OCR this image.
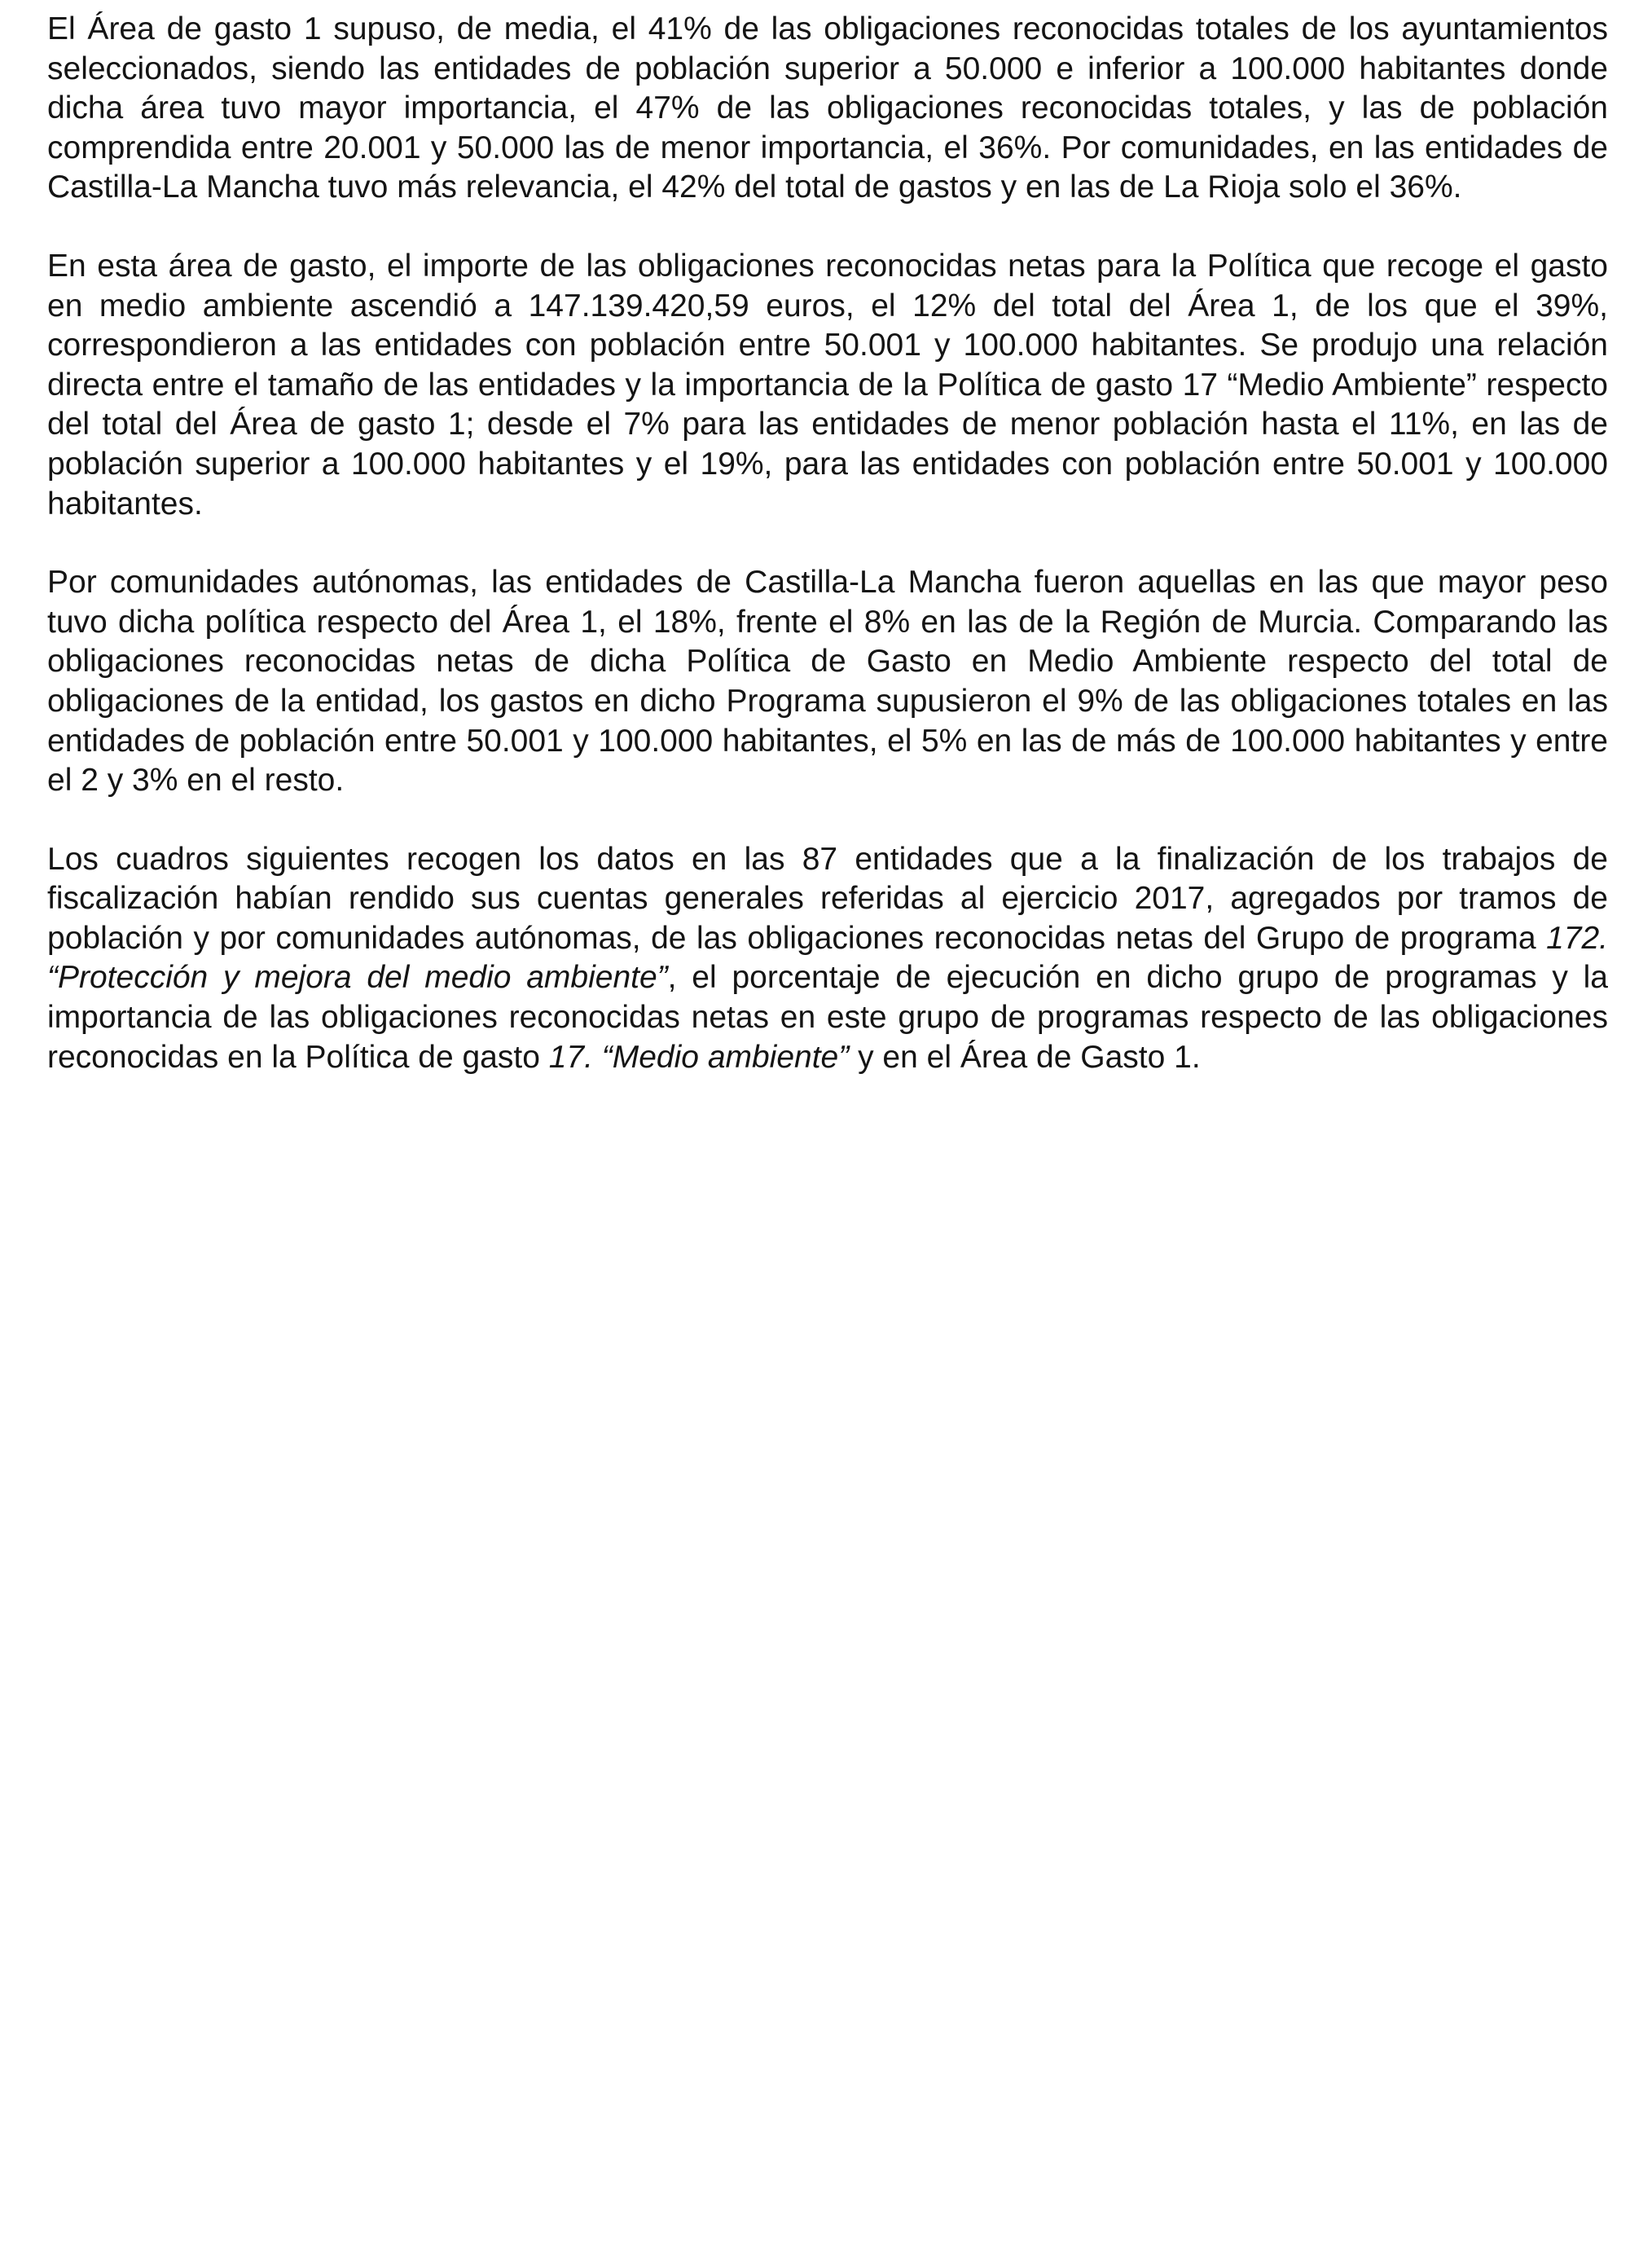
El Área de gasto 1 supuso, de media, el 41% de las obligaciones reconocidas totales de los ayuntamientos seleccionados, siendo las entidades de población superior a 50.000 e inferior a 100.000 habitantes donde dicha área tuvo mayor importancia, el 47% de las obligaciones reconocidas totales, y las de población comprendida entre 20.001 y 50.000 las de menor importancia, el 36%. Por comunidades, en las entidades de Castilla-La Mancha tuvo más relevancia, el 42% del total de gastos y en las de La Rioja solo el 36%.

En esta área de gasto, el importe de las obligaciones reconocidas netas para la Política que recoge el gasto en medio ambiente ascendió a 147.139.420,59 euros, el 12% del total del Área 1, de los que el 39%, correspondieron a las entidades con población entre 50.001 y 100.000 habitantes. Se produjo una relación directa entre el tamaño de las entidades y la importancia de la Política de gasto 17 “Medio Ambiente” respecto del total del Área de gasto 1; desde el 7% para las entidades de menor población hasta el 11%, en las de población superior a 100.000 habitantes y el 19%, para las entidades con población entre 50.001 y 100.000 habitantes.

Por comunidades autónomas, las entidades de Castilla-La Mancha fueron aquellas en las que mayor peso tuvo dicha política respecto del Área 1, el 18%, frente el 8% en las de la Región de Murcia. Comparando las obligaciones reconocidas netas de dicha Política de Gasto en Medio Ambiente respecto del total de obligaciones de la entidad, los gastos en dicho Programa supusieron el 9% de las obligaciones totales en las entidades de población entre 50.001 y 100.000 habitantes, el 5% en las de más de 100.000 habitantes y entre el 2 y 3% en el resto.

Los cuadros siguientes recogen los datos en las 87 entidades que a la finalización de los trabajos de fiscalización habían rendido sus cuentas generales referidas al ejercicio 2017, agregados por tramos de población y por comunidades autónomas, de las obligaciones reconocidas netas del Grupo de programa 172. “Protección y mejora del medio ambiente”, el porcentaje de ejecución en dicho grupo de programas y la importancia de las obligaciones reconocidas netas en este grupo de programas respecto de las obligaciones reconocidas en la Política de gasto 17. “Medio ambiente” y en el Área de Gasto 1.
